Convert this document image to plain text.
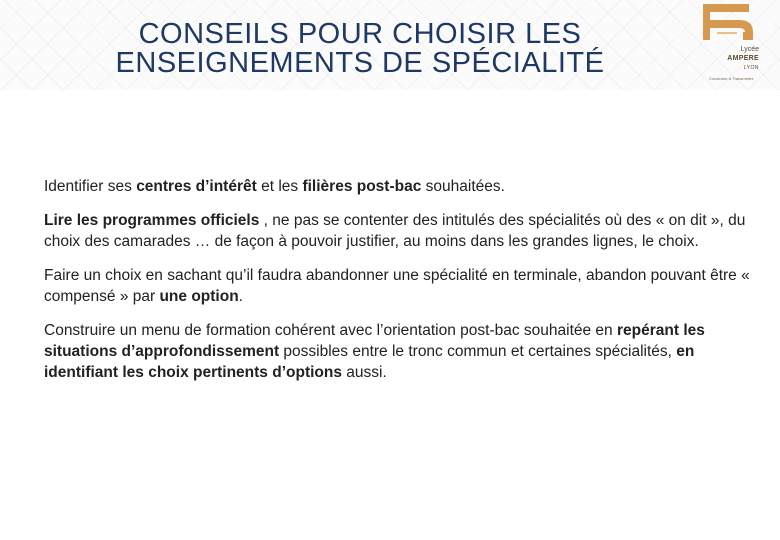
CONSEILS POUR CHOISIR LES
ENSEIGNEMENTS DE SPÉCIALITÉ	Lycée
AMPERE
LYON
Construire & Transmettre

Identifier ses centres d’intérêt et les filières post-bac souhaitées.

Lire les programmes officiels , ne pas se contenter des intitulés des spécialités où des « on dit », du choix des camarades … de façon à pouvoir justifier, au moins dans les grandes lignes, le choix.

Faire un choix en sachant qu’il faudra abandonner une spécialité en terminale, abandon pouvant être « compensé » par une option.

Construire un menu de formation cohérent avec l’orientation post-bac souhaitée en repérant les situations d’approfondissement possibles entre le tronc commun et certaines spécialités, en identifiant les choix pertinents d’options aussi.
